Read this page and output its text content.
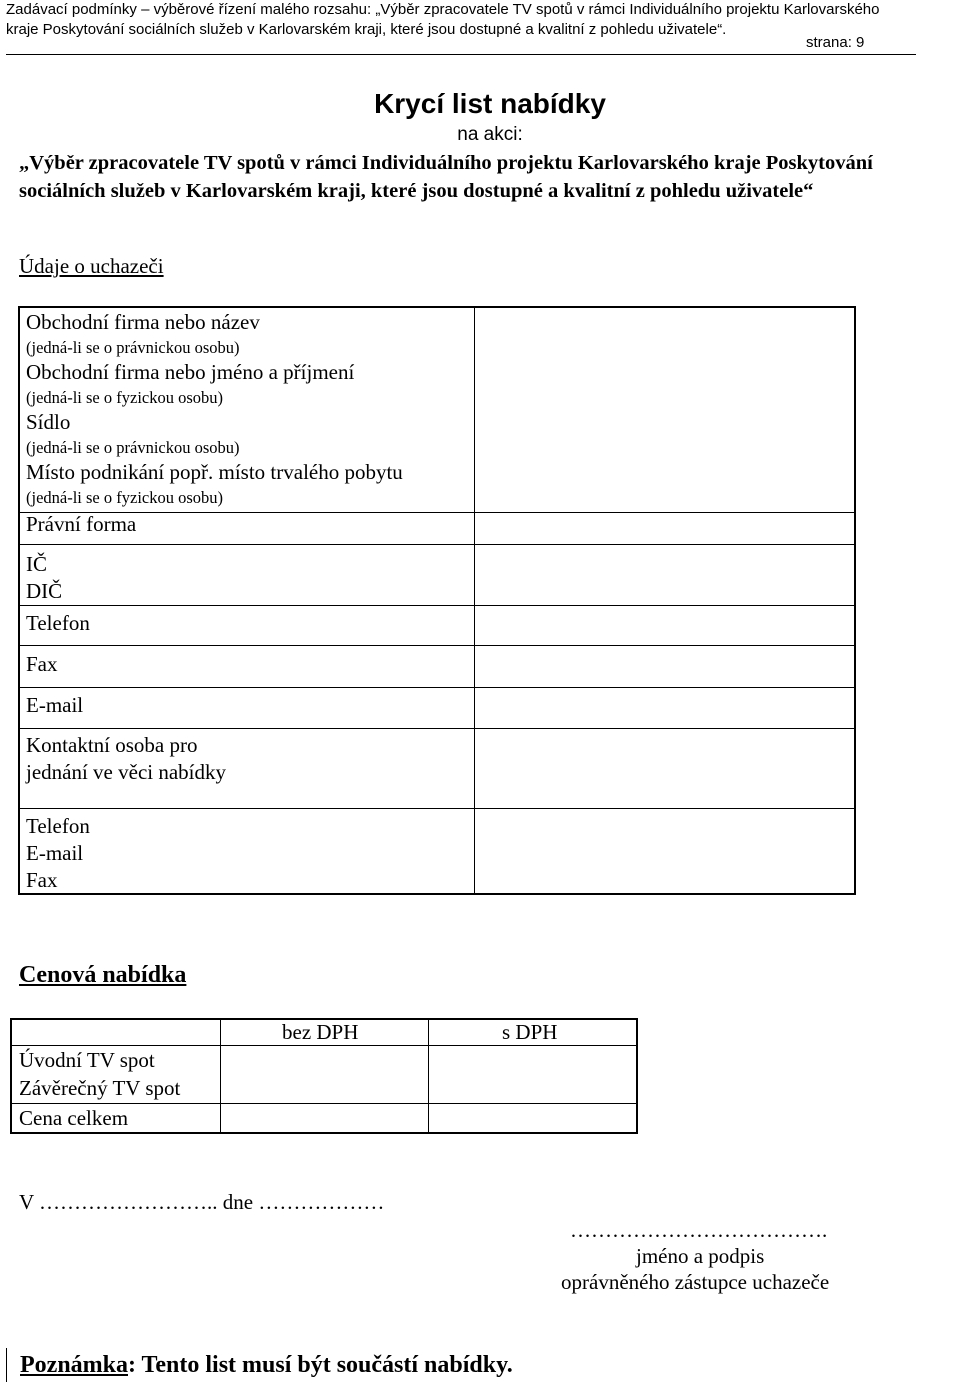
Zadávací podmínky – výběrové řízení malého rozsahu: „Výběr zpracovatele TV spotů v rámci Individuálního projektu Karlovarského
kraje Poskytování sociálních služeb v Karlovarském kraji, které jsou dostupné a kvalitní z pohledu uživatele“.
strana: 9
Krycí list nabídky
na akci:
„Výběr zpracovatele TV spotů v rámci Individuálního projektu Karlovarského kraje Poskytování sociálních služeb v Karlovarském kraji, které jsou dostupné a kvalitní z pohledu uživatele“
Údaje o uchazeči
Obchodní firma nebo název
(jedná-li se o právnickou osobu)
Obchodní firma nebo jméno a příjmení
(jedná-li se o fyzickou osobu)
Sídlo
(jedná-li se o právnickou osobu)
Místo podnikání popř. místo trvalého pobytu
(jedná-li se o fyzickou osobu)
Právní forma
IČ
DIČ
Telefon
Fax
E-mail
Kontaktní osoba pro
jednání ve věci nabídky
Telefon
E-mail
Fax
Cenová nabídka
bez DPH	s DPH
Úvodní TV spot
Závěrečný TV spot
Cena celkem
V …………………….. dne ………………
……………………………….
jméno a podpis
oprávněného zástupce uchazeče
Poznámka: Tento list musí být součástí nabídky.
